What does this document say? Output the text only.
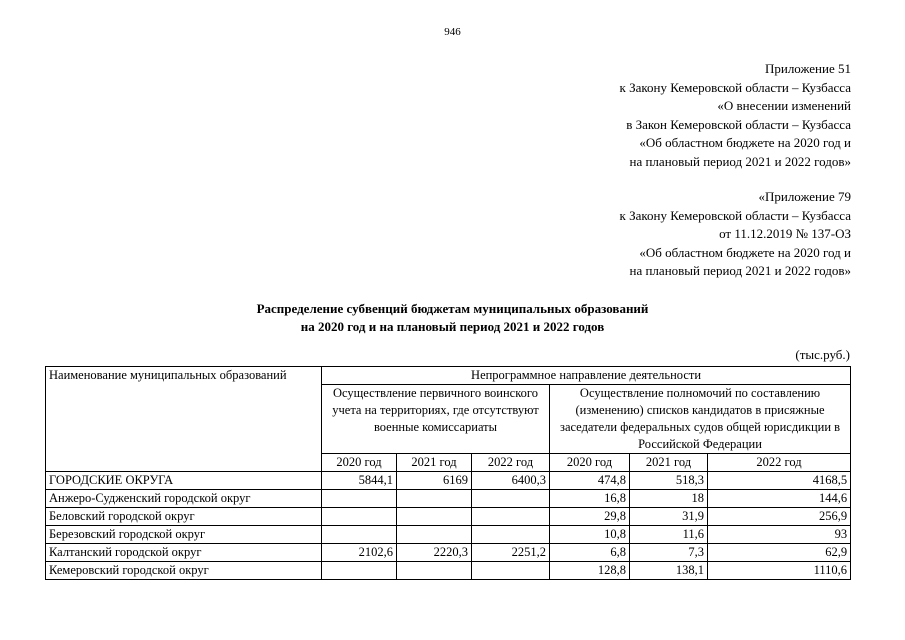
946
Приложение 51
к Закону Кемеровской области – Кузбасса
«О внесении изменений
в Закон Кемеровской области – Кузбасса
«Об областном бюджете на 2020 год и
на плановый период 2021 и 2022 годов»
«Приложение 79
к Закону Кемеровской области – Кузбасса
от 11.12.2019 № 137-ОЗ
«Об областном бюджете на 2020 год и
на плановый период 2021 и 2022 годов»
Распределение субвенций бюджетам муниципальных образований
на 2020 год и на плановый период 2021 и 2022 годов
(тыс.руб.)
Наименование муниципальных образований	Непрограммное направление деятельности					
	Осуществление первичного воинского учета на территориях, где отсутствуют военные комиссариаты			Осуществление полномочий по составлению (изменению) списков кандидатов в присяжные заседатели федеральных судов общей юрисдикции в Российской Федерации		
	2020 год	2021 год	2022 год	2020 год	2021 год	2022 год
ГОРОДСКИЕ ОКРУГА	5844,1	6169	6400,3	474,8	518,3	4168,5
Анжеро-Судженский городской округ				16,8	18	144,6
Беловский городской округ				29,8	31,9	256,9
Березовский городской округ				10,8	11,6	93
Калтанский городской округ	2102,6	2220,3	2251,2	6,8	7,3	62,9
Кемеровский городской округ				128,8	138,1	1110,6
